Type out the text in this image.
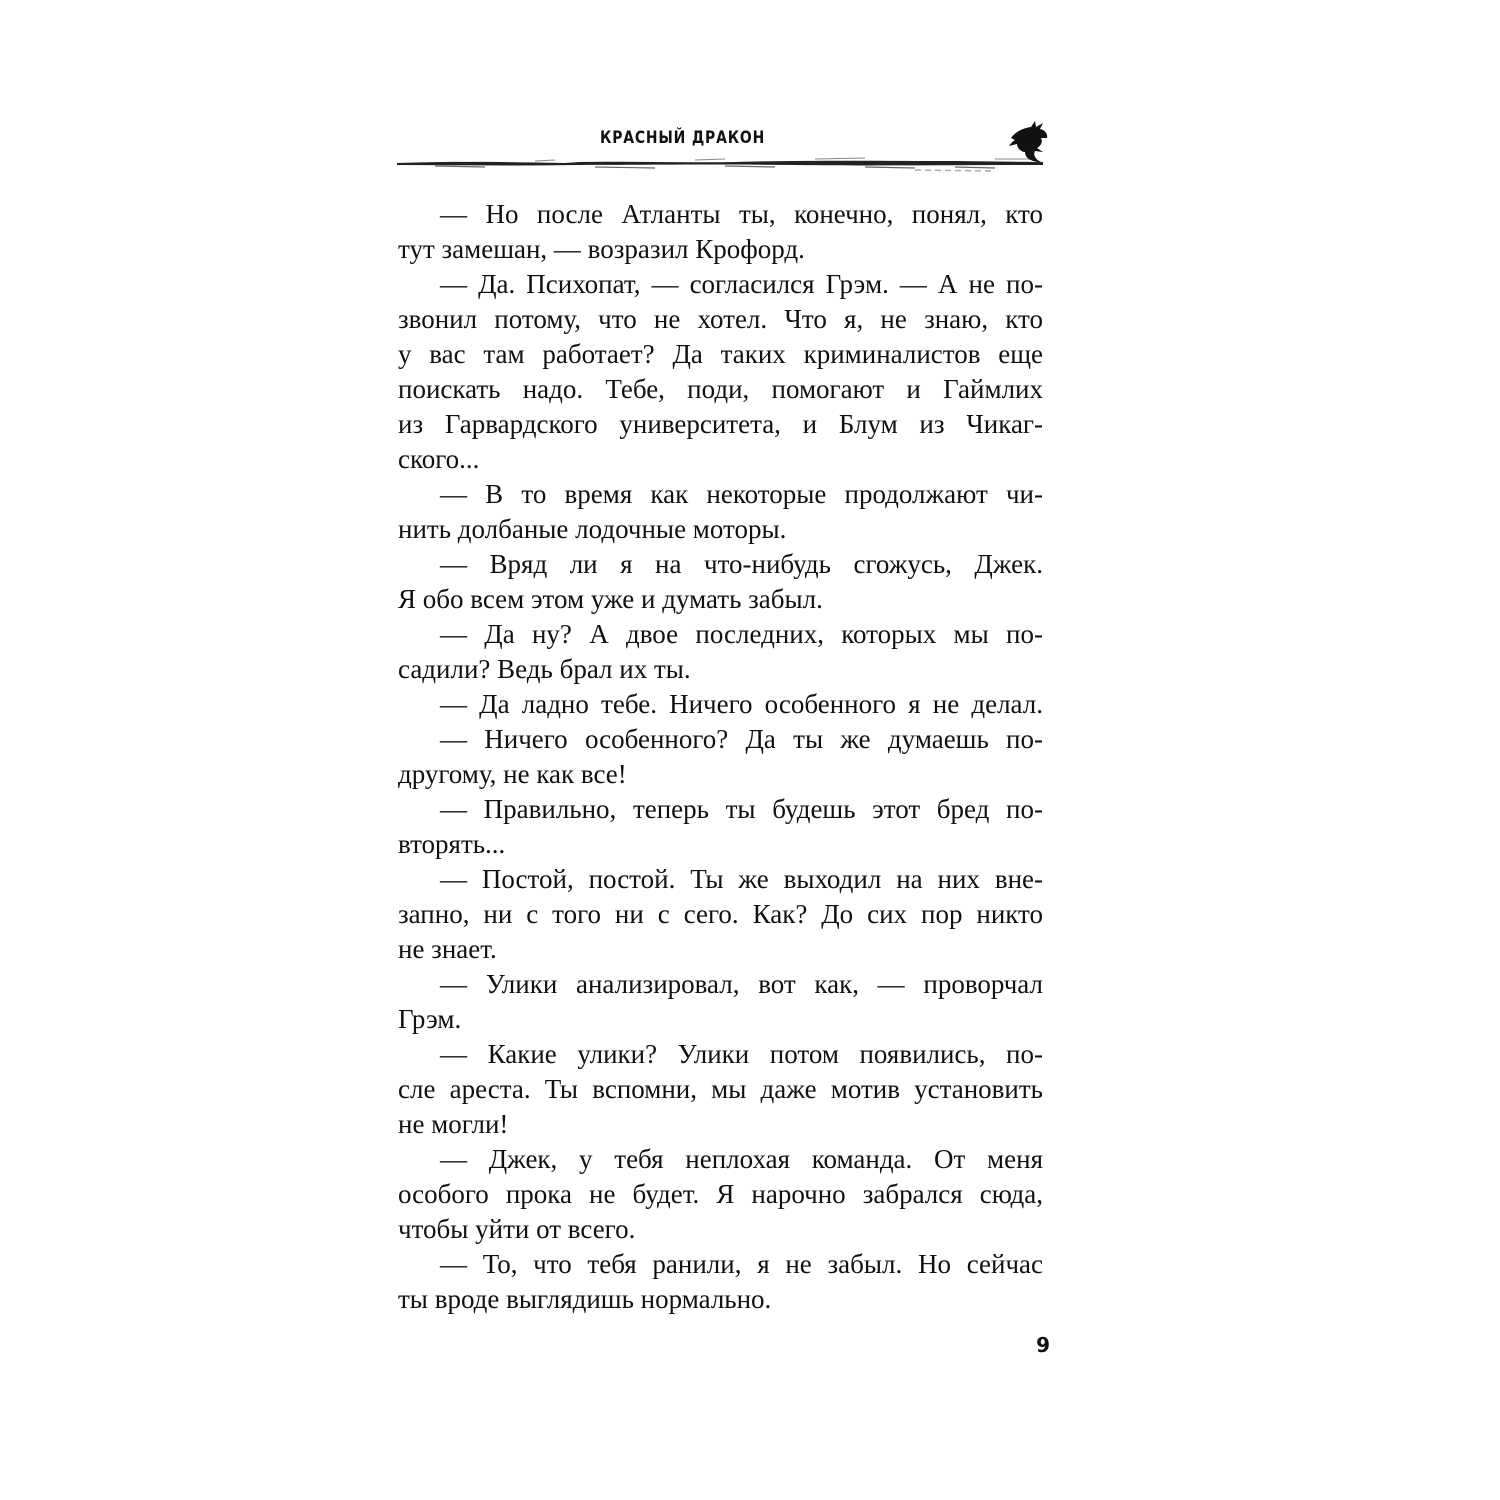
КРАСНЫЙ ДРАКОН

— Но после Атланты ты, конечно, понял, кто
тут замешан, — возразил Крофорд.

— Да. Психопат, — согласился Грэм. — А не по-
звонил потому, что не хотел. Что я, не знаю, кто
у вас там работает? Да таких криминалистов еще
поискать надо. Тебе, поди, помогают и Гаймлих
из Гарвардского университета, и Блум из Чикаг-
ского...

— В то время как некоторые продолжают чи-
нить долбаные лодочные моторы.

— Вряд ли я на что-нибудь сгожусь, Джек.
Я обо всем этом уже и думать забыл.

— Да ну? А двое последних, которых мы по-
садили? Ведь брал их ты.

— Да ладно тебе. Ничего особенного я не делал.

— Ничего особенного? Да ты же думаешь по-
другому, не как все!

— Правильно, теперь ты будешь этот бред по-
вторять...

— Постой, постой. Ты же выходил на них вне-
запно, ни с того ни с сего. Как? До сих пор никто
не знает.

— Улики анализировал, вот как, — проворчал
Грэм.

— Какие улики? Улики потом появились, по-
сле ареста. Ты вспомни, мы даже мотив установить
не могли!

— Джек, у тебя неплохая команда. От меня
особого прока не будет. Я нарочно забрался сюда,
чтобы уйти от всего.

— То, что тебя ранили, я не забыл. Но сейчас
ты вроде выглядишь нормально.

9
